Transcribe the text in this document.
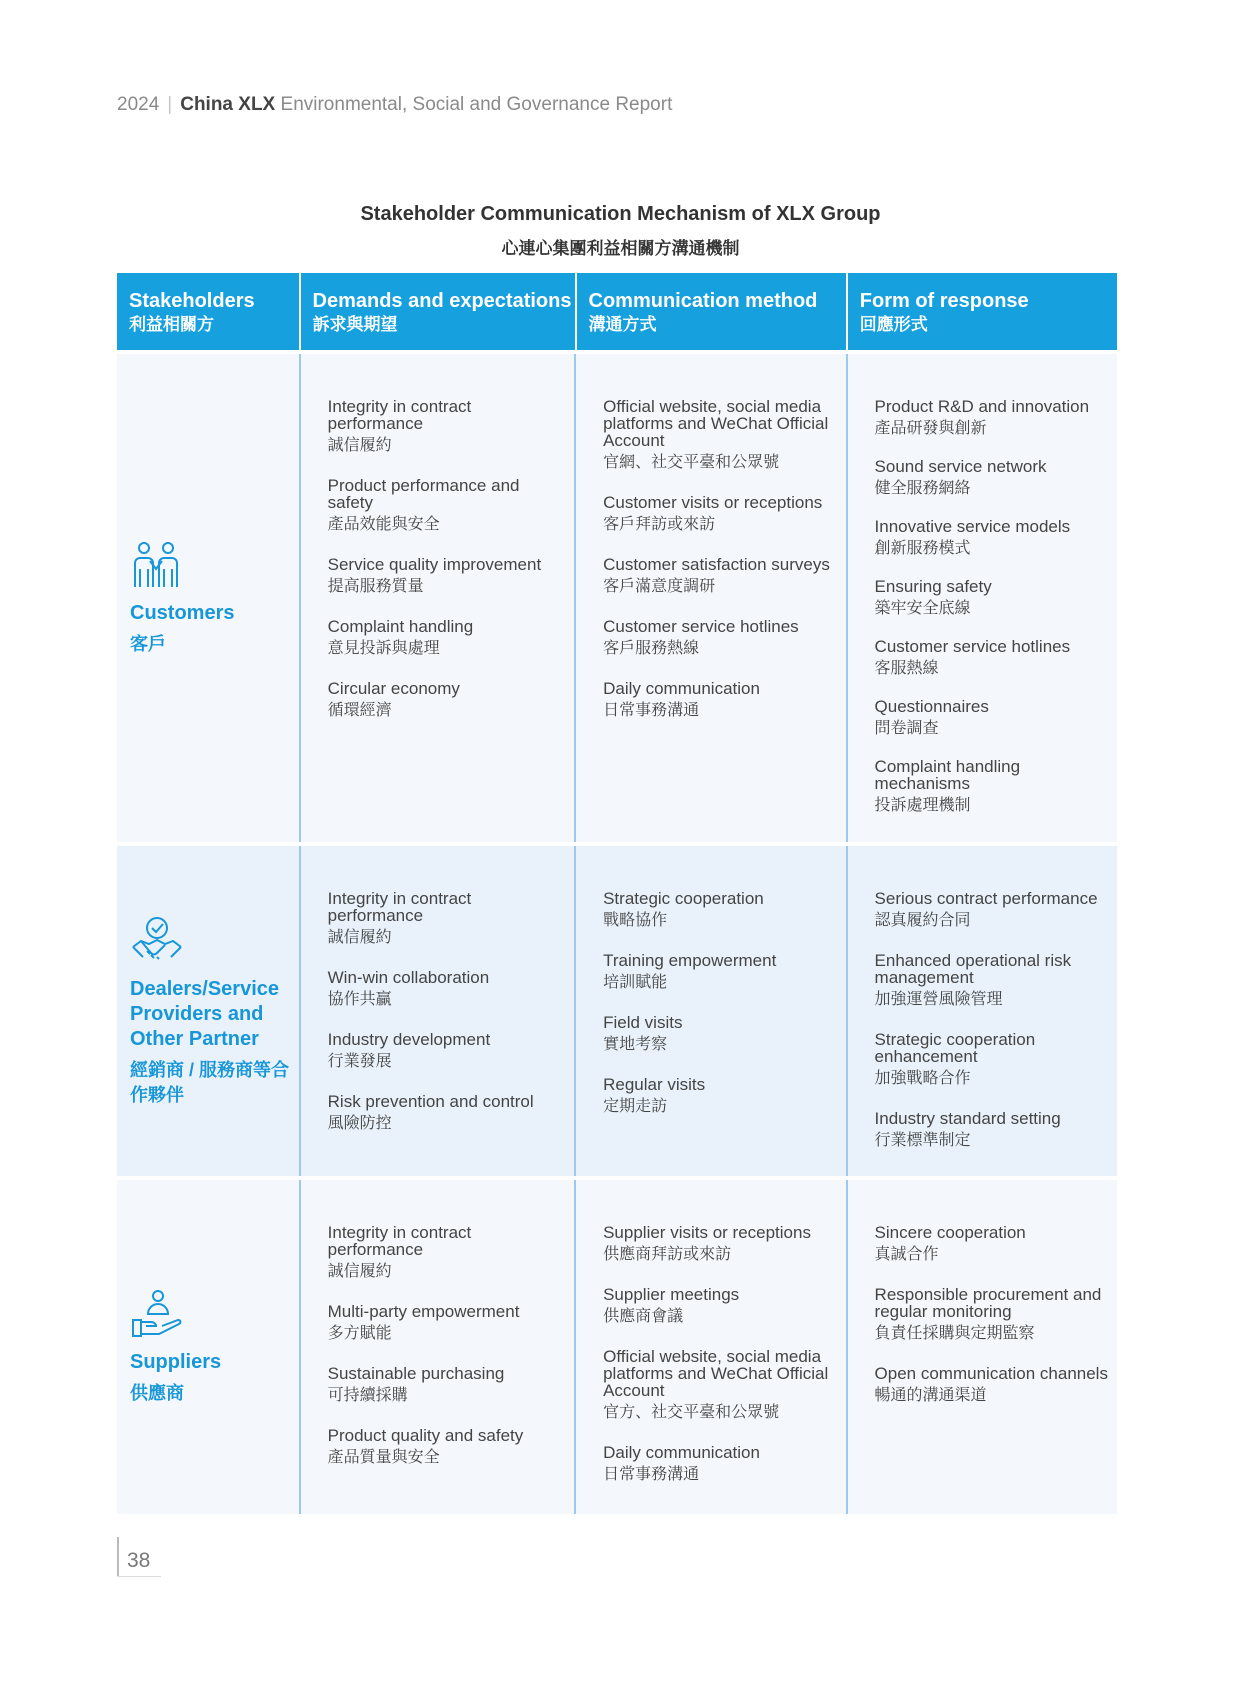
2024 | China XLX Environmental, Social and Governance Report
Stakeholder Communication Mechanism of XLX Group
心連心集團利益相關方溝通機制
Stakeholders
利益相關方
Demands and expectations
訴求與期望
Communication method
溝通方式
Form of response
回應形式
Customers
客戶
Integrity in contract performance
誠信履約
Product performance and safety
產品效能與安全
Service quality improvement
提高服務質量
Complaint handling
意見投訴與處理
Circular economy
循環經濟
Official website, social media platforms and WeChat Official Account
官網、社交平臺和公眾號
Customer visits or receptions
客戶拜訪或來訪
Customer satisfaction surveys
客戶滿意度調研
Customer service hotlines
客戶服務熱線
Daily communication
日常事務溝通
Product R&D and innovation
產品研發與創新
Sound service network
健全服務網絡
Innovative service models
創新服務模式
Ensuring safety
築牢安全底線
Customer service hotlines
客服熱線
Questionnaires
問卷調查
Complaint handling mechanisms
投訴處理機制
Dealers/Service Providers and Other Partner
經銷商 / 服務商等合作夥伴
Integrity in contract performance
誠信履約
Win-win collaboration
協作共贏
Industry development
行業發展
Risk prevention and control
風險防控
Strategic cooperation
戰略協作
Training empowerment
培訓賦能
Field visits
實地考察
Regular visits
定期走訪
Serious contract performance
認真履約合同
Enhanced operational risk management
加強運營風險管理
Strategic cooperation enhancement
加強戰略合作
Industry standard setting
行業標準制定
Suppliers
供應商
Integrity in contract performance
誠信履約
Multi-party empowerment
多方賦能
Sustainable purchasing
可持續採購
Product quality and safety
產品質量與安全
Supplier visits or receptions
供應商拜訪或來訪
Supplier meetings
供應商會議
Official website, social media platforms and WeChat Official Account
官方、社交平臺和公眾號
Daily communication
日常事務溝通
Sincere cooperation
真誠合作
Responsible procurement and regular monitoring
負責任採購與定期監察
Open communication channels
暢通的溝通渠道
38
